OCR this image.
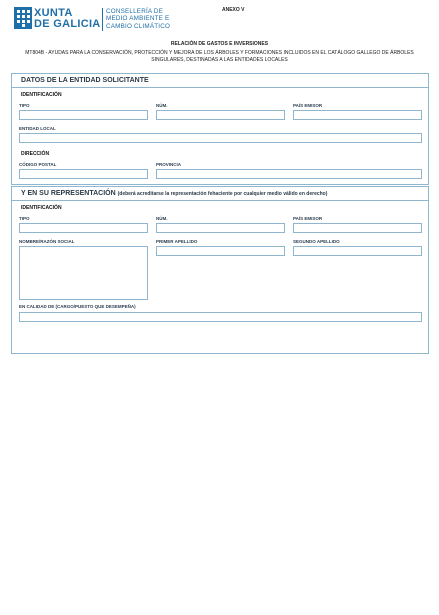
XUNTA
DE GALICIA
CONSELLERÍA DE
MEDIO AMBIENTE E
CAMBIO CLIMÁTICO
ANEXO V
RELACIÓN DE GASTOS E INVERSIONES
MT804B - AYUDAS PARA LA CONSERVACIÓN, PROTECCIÓN Y MEJORA DE LOS ÁRBOLES Y FORMACIONES INCLUIDOS EN EL CATÁLOGO GALLEGO DE ÁRBOLES SINGULARES, DESTINADAS A LAS ENTIDADES LOCALES
DATOS DE LA ENTIDAD SOLICITANTE
IDENTIFICACIÓN
TIPO	NÚM.	PAÍS EMISOR
ENTIDAD LOCAL
DIRECCIÓN
CÓDIGO POSTAL	PROVINCIA
Y EN SU REPRESENTACIÓN (deberá acreditarse la representación fehaciente por cualquier medio válido en derecho)
IDENTIFICACIÓN
TIPO	NÚM.	PAÍS EMISOR
NOMBRE/RAZÓN SOCIAL	PRIMER APELLIDO	SEGUNDO APELLIDO
EN CALIDAD DE (CARGO/PUESTO QUE DESEMPEÑA)
